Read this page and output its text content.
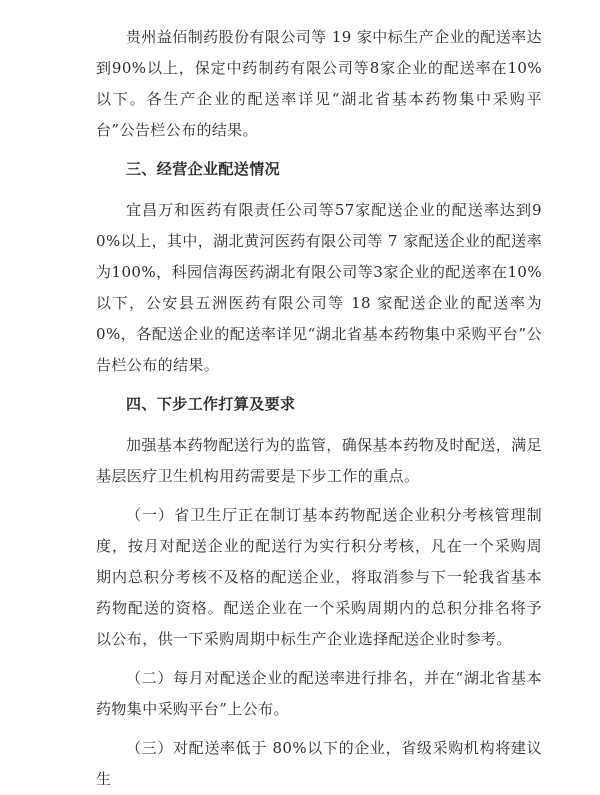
贵州益佰制药股份有限公司等 19 家中标生产企业的配送率达到90%以上，保定中药制药有限公司等8家企业的配送率在10%以下。各生产企业的配送率详见“湖北省基本药物集中采购平台”公告栏公布的结果。

三、经营企业配送情况

宜昌万和医药有限责任公司等57家配送企业的配送率达到90%以上，其中，湖北黄河医药有限公司等 7 家配送企业的配送率为100%，科园信海医药湖北有限公司等3家企业的配送率在10%以下，公安县五洲医药有限公司等 18 家配送企业的配送率为 0%，各配送企业的配送率详见“湖北省基本药物集中采购平台”公告栏公布的结果。

四、下步工作打算及要求

加强基本药物配送行为的监管，确保基本药物及时配送，满足基层医疗卫生机构用药需要是下步工作的重点。

（一）省卫生厅正在制订基本药物配送企业积分考核管理制度，按月对配送企业的配送行为实行积分考核，凡在一个采购周期内总积分考核不及格的配送企业，将取消参与下一轮我省基本药物配送的资格。配送企业在一个采购周期内的总积分排名将予以公布，供一下采购周期中标生产企业选择配送企业时参考。

（二）每月对配送企业的配送率进行排名，并在“湖北省基本药物集中采购平台”上公布。

（三）对配送率低于 80%以下的企业，省级采购机构将建议生
